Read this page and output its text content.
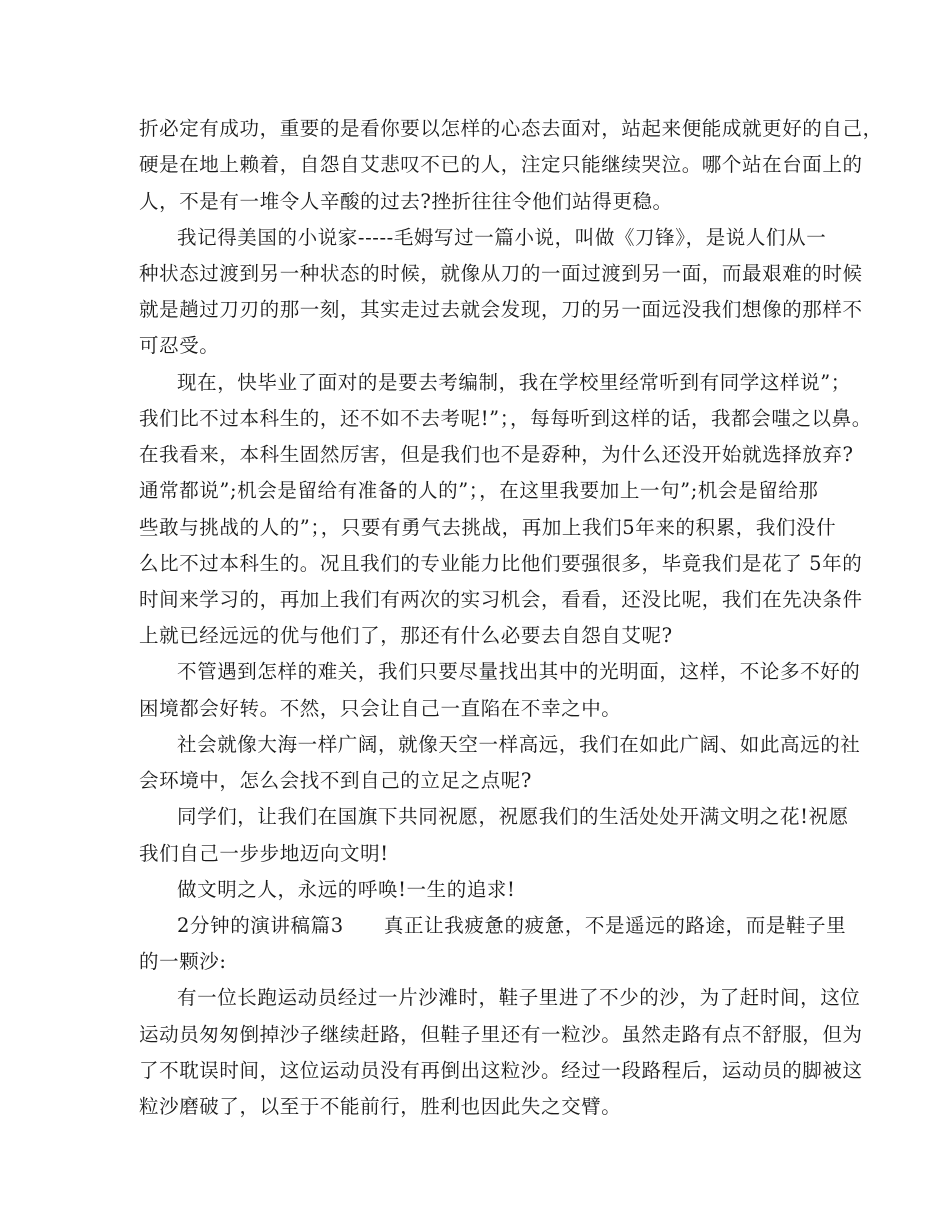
折必定有成功，重要的是看你要以怎样的心态去面对，站起来便能成就更好的自己，
硬是在地上赖着，自怨自艾悲叹不已的人，注定只能继续哭泣。哪个站在台面上的
人，不是有一堆令人辛酸的过去?挫折往往令他们站得更稳。
我记得美国的小说家-----毛姆写过一篇小说，叫做《刀锋》，是说人们从一
种状态过渡到另一种状态的时候，就像从刀的一面过渡到另一面，而最艰难的时候
就是趟过刀刃的那一刻，其实走过去就会发现，刀的另一面远没我们想像的那样不
可忍受。
现在，快毕业了面对的是要去考编制，我在学校里经常听到有同学这样说”；
我们比不过本科生的，还不如不去考呢!”；，每每听到这样的话，我都会嗤之以鼻。
在我看来，本科生固然厉害，但是我们也不是孬种，为什么还没开始就选择放弃?
通常都说”;机会是留给有准备的人的”；，在这里我要加上一句”;机会是留给那
些敢与挑战的人的”；，只要有勇气去挑战，再加上我们5年来的积累，我们没什
么比不过本科生的。况且我们的专业能力比他们要强很多，毕竟我们是花了 5年的
时间来学习的，再加上我们有两次的实习机会，看看，还没比呢，我们在先决条件
上就已经远远的优与他们了，那还有什么必要去自怨自艾呢?
不管遇到怎样的难关，我们只要尽量找出其中的光明面，这样，不论多不好的
困境都会好转。不然，只会让自己一直陷在不幸之中。
社会就像大海一样广阔，就像天空一样高远，我们在如此广阔、如此高远的社
会环境中，怎么会找不到自己的立足之点呢?
同学们，让我们在国旗下共同祝愿，祝愿我们的生活处处开满文明之花!祝愿
我们自己一步步地迈向文明!
做文明之人，永远的呼唤!一生的追求!
2分钟的演讲稿篇3　　真正让我疲惫的疲惫，不是遥远的路途，而是鞋子里
的一颗沙:
有一位长跑运动员经过一片沙滩时，鞋子里进了不少的沙，为了赶时间，这位
运动员匆匆倒掉沙子继续赶路，但鞋子里还有一粒沙。虽然走路有点不舒服，但为
了不耽误时间，这位运动员没有再倒出这粒沙。经过一段路程后，运动员的脚被这
粒沙磨破了，以至于不能前行，胜利也因此失之交臂。
